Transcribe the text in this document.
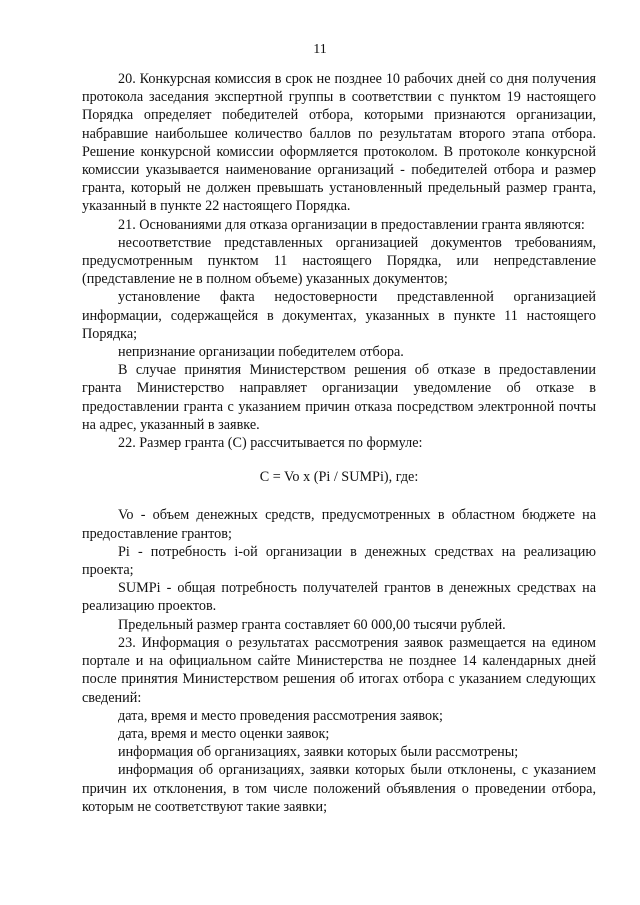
11

20. Конкурсная комиссия в срок не позднее 10 рабочих дней со дня получения протокола заседания экспертной группы в соответствии с пунктом 19 настоящего Порядка определяет победителей отбора, которыми признаются организации, набравшие наибольшее количество баллов по результатам второго этапа отбора. Решение конкурсной комиссии оформляется протоколом. В протоколе конкурсной комиссии указывается наименование организаций - победителей отбора и размер гранта, который не должен превышать установленный предельный размер гранта, указанный в пункте 22 настоящего Порядка.

21. Основаниями для отказа организации в предоставлении гранта являются:

несоответствие представленных организацией документов требованиям, предусмотренным пунктом 11 настоящего Порядка, или непредставление (представление не в полном объеме) указанных документов;

установление факта недостоверности представленной организацией информации, содержащейся в документах, указанных в пункте 11 настоящего Порядка;

непризнание организации победителем отбора.

В случае принятия Министерством решения об отказе в предоставлении гранта Министерство направляет организации уведомление об отказе в предоставлении гранта с указанием причин отказа посредством электронной почты на адрес, указанный в заявке.

22. Размер гранта (C) рассчитывается по формуле:

C = Vo x (Pi / SUMPi), где:

Vo - объем денежных средств, предусмотренных в областном бюджете на предоставление грантов;

Pi - потребность i-ой организации в денежных средствах на реализацию проекта;

SUMPi - общая потребность получателей грантов в денежных средствах на реализацию проектов.

Предельный размер гранта составляет 60 000,00 тысячи рублей.

23. Информация о результатах рассмотрения заявок размещается на едином портале и на официальном сайте Министерства не позднее 14 календарных дней после принятия Министерством решения об итогах отбора с указанием следующих сведений:

дата, время и место проведения рассмотрения заявок;

дата, время и место оценки заявок;

информация об организациях, заявки которых были рассмотрены;

информация об организациях, заявки которых были отклонены, с указанием причин их отклонения, в том числе положений объявления о проведении отбора, которым не соответствуют такие заявки;
